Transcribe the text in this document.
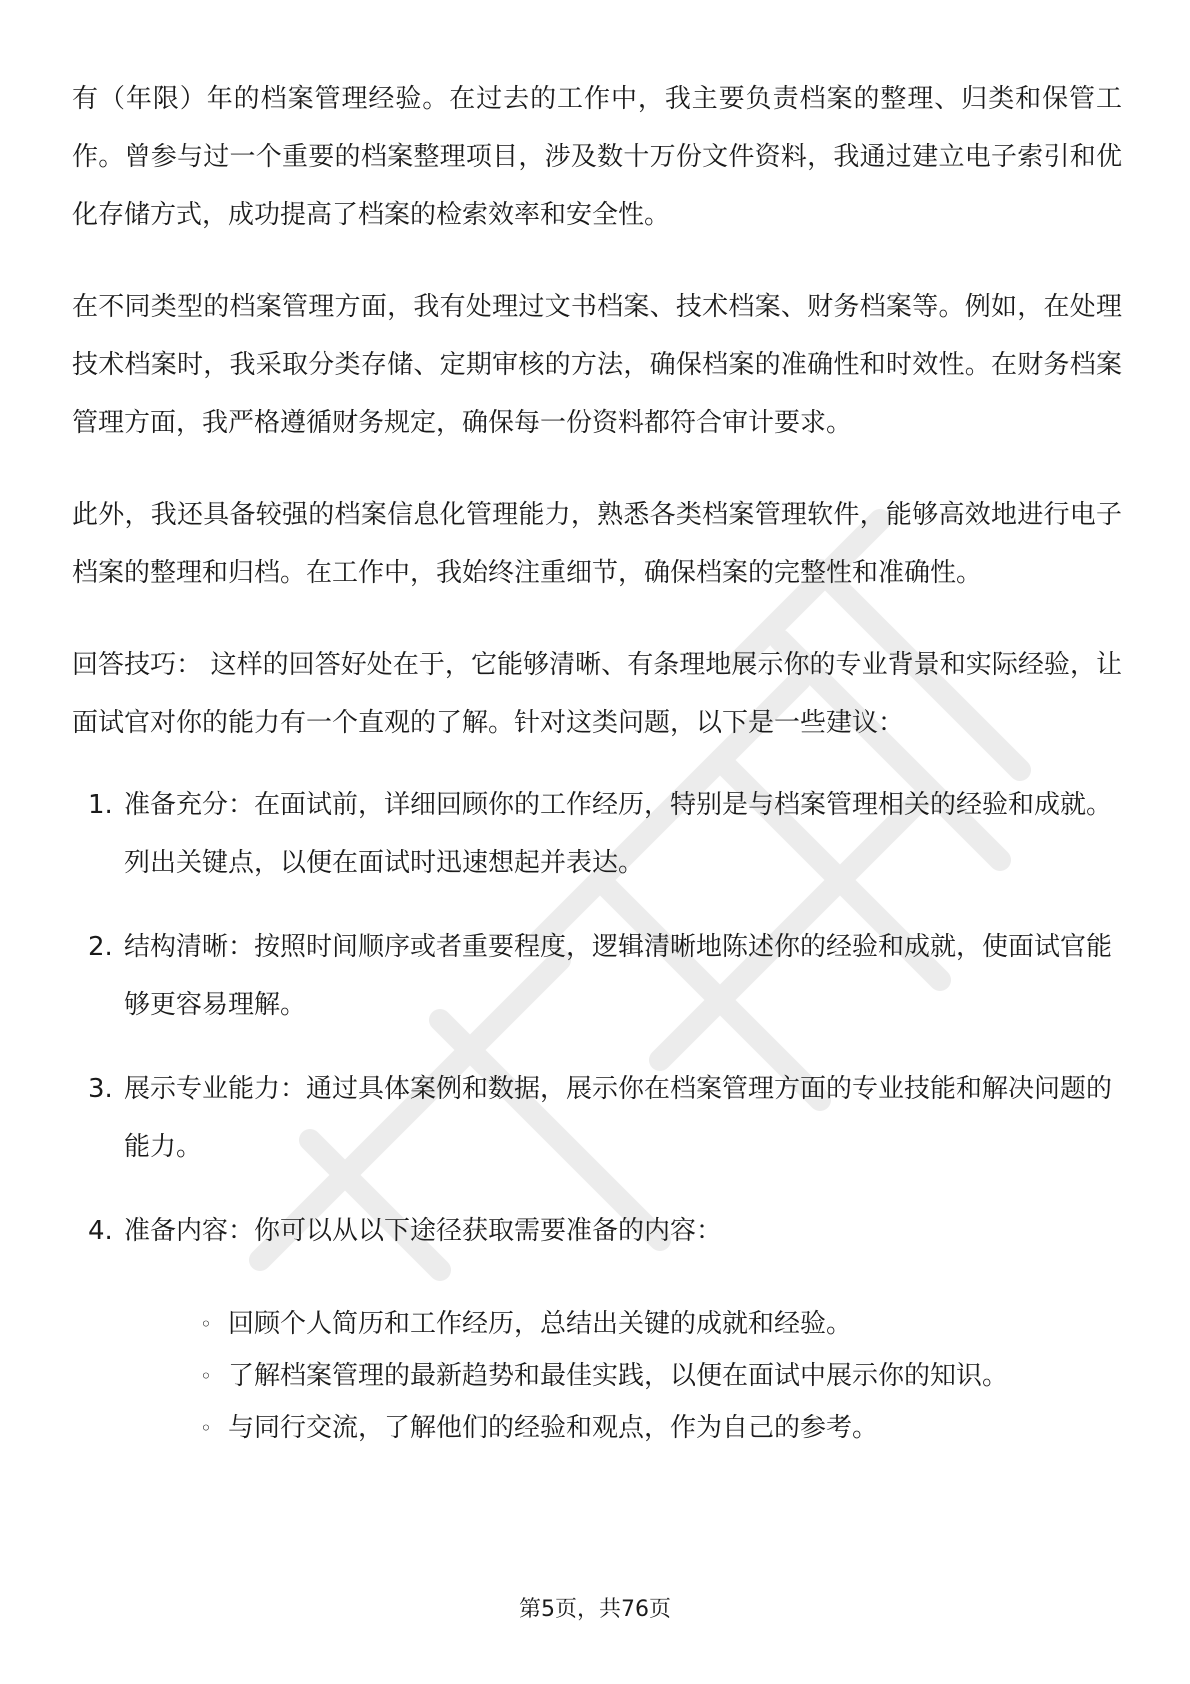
有（年限）年的档案管理经验。在过去的工作中，我主要负责档案的整理、归类和保管工作。曾参与过一个重要的档案整理项目，涉及数十万份文件资料，我通过建立电子索引和优化存储方式，成功提高了档案的检索效率和安全性。

在不同类型的档案管理方面，我有处理过文书档案、技术档案、财务档案等。例如，在处理技术档案时，我采取分类存储、定期审核的方法，确保档案的准确性和时效性。在财务档案管理方面，我严格遵循财务规定，确保每一份资料都符合审计要求。

此外，我还具备较强的档案信息化管理能力，熟悉各类档案管理软件，能够高效地进行电子档案的整理和归档。在工作中，我始终注重细节，确保档案的完整性和准确性。

回答技巧： 这样的回答好处在于，它能够清晰、有条理地展示你的专业背景和实际经验，让面试官对你的能力有一个直观的了解。针对这类问题，以下是一些建议：

1. 准备充分：在面试前，详细回顾你的工作经历，特别是与档案管理相关的经验和成就。列出关键点，以便在面试时迅速想起并表达。
2. 结构清晰：按照时间顺序或者重要程度，逻辑清晰地陈述你的经验和成就，使面试官能够更容易理解。
3. 展示专业能力：通过具体案例和数据，展示你在档案管理方面的专业技能和解决问题的能力。
4. 准备内容：你可以从以下途径获取需要准备的内容：
◦ 回顾个人简历和工作经历，总结出关键的成就和经验。
◦ 了解档案管理的最新趋势和最佳实践，以便在面试中展示你的知识。
◦ 与同行交流，了解他们的经验和观点，作为自己的参考。
第5页，共76页
